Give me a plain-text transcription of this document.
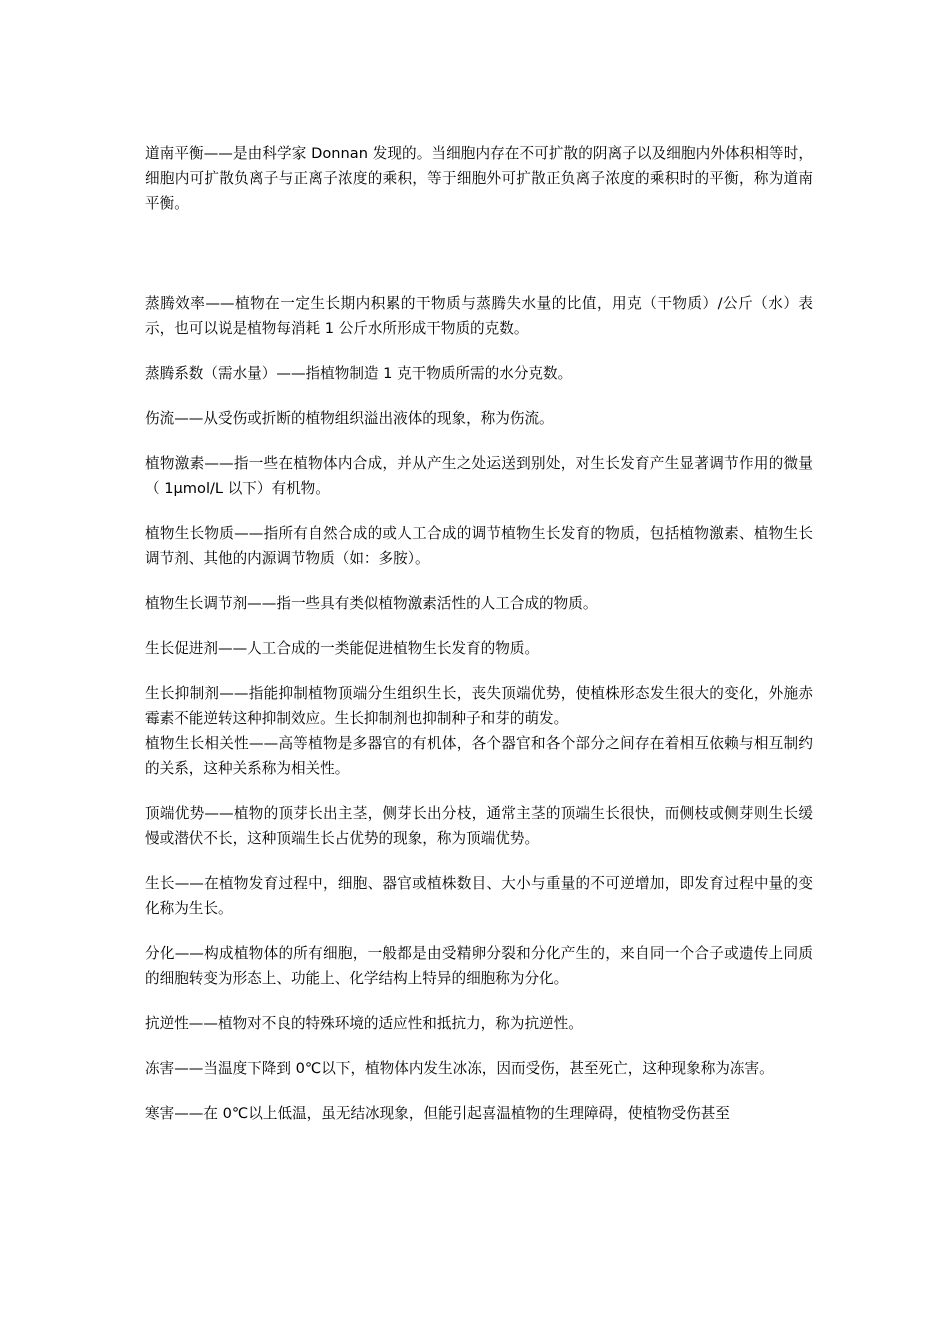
道南平衡——是由科学家 Donnan 发现的。当细胞内存在不可扩散的阴离子以及细胞内外体积相等时，细胞内可扩散负离子与正离子浓度的乘积，等于细胞外可扩散正负离子浓度的乘积时的平衡，称为道南平衡。

蒸腾效率——植物在一定生长期内积累的干物质与蒸腾失水量的比值，用克（干物质）/公斤（水）表示，也可以说是植物每消耗 1 公斤水所形成干物质的克数。

蒸腾系数（需水量）——指植物制造 1 克干物质所需的水分克数。

伤流——从受伤或折断的植物组织溢出液体的现象，称为伤流。

植物激素——指一些在植物体内合成，并从产生之处运送到别处，对生长发育产生显著调节作用的微量（ 1μmol/L 以下）有机物。

植物生长物质——指所有自然合成的或人工合成的调节植物生长发育的物质，包括植物激素、植物生长调节剂、其他的内源调节物质（如：多胺）。

植物生长调节剂——指一些具有类似植物激素活性的人工合成的物质。

生长促进剂——人工合成的一类能促进植物生长发育的物质。

生长抑制剂——指能抑制植物顶端分生组织生长，丧失顶端优势，使植株形态发生很大的变化，外施赤霉素不能逆转这种抑制效应。生长抑制剂也抑制种子和芽的萌发。

植物生长相关性——高等植物是多器官的有机体，各个器官和各个部分之间存在着相互依赖与相互制约的关系，这种关系称为相关性。

顶端优势——植物的顶芽长出主茎，侧芽长出分枝，通常主茎的顶端生长很快，而侧枝或侧芽则生长缓慢或潜伏不长，这种顶端生长占优势的现象，称为顶端优势。

生长——在植物发育过程中，细胞、器官或植株数目、大小与重量的不可逆增加，即发育过程中量的变化称为生长。

分化——构成植物体的所有细胞，一般都是由受精卵分裂和分化产生的，来自同一个合子或遗传上同质的细胞转变为形态上、功能上、化学结构上特异的细胞称为分化。

抗逆性——植物对不良的特殊环境的适应性和抵抗力，称为抗逆性。

冻害——当温度下降到 0℃以下，植物体内发生冰冻，因而受伤，甚至死亡，这种现象称为冻害。

寒害——在 0℃以上低温，虽无结冰现象，但能引起喜温植物的生理障碍，使植物受伤甚至
